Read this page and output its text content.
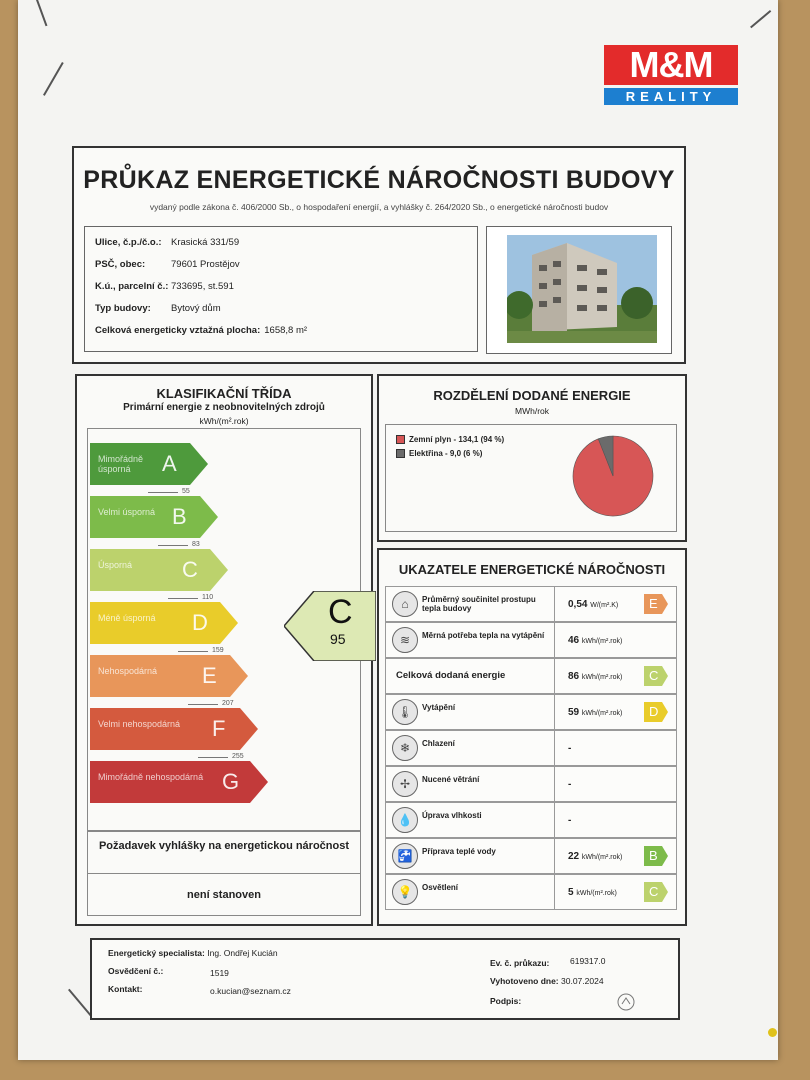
M&M
REALITY
PRŮKAZ ENERGETICKÉ NÁROČNOSTI BUDOVY
vydaný podle zákona č. 406/2000 Sb., o hospodaření energií, a vyhlášky č. 264/2020 Sb., o energetické náročnosti budov
Ulice, č.p./č.o.: Krasická 331/59
PSČ, obec:	79601 Prostějov
K.ú., parcelní č.: 733695, st.591
Typ budovy: Bytový dům
Celková energeticky vztažná plocha: 1658,8 m²
KLASIFIKAČNÍ TŘÍDA
Primární energie z neobnovitelných zdrojů
kWh/(m².rok)
C
95
Mimořádně úsporná	A
55
Velmi úsporná B
83
Úsporná	C
110
Méně úsporná	D
159
Nehospodárná	E
207
Velmi nehospodárná	F
255
Mimořádně nehospodárná G
Požadavek vyhlášky na energetickou náročnost
není stanoven
ROZDĚLENÍ DODANÉ ENERGIE
MWh/rok
Zemní plyn - 134,1 (94 %)
Elektřina - 9,0 (6 %)
UKAZATELE ENERGETICKÉ NÁROČNOSTI
⌂	Průměrný součinitel prostupu tepla budovy	0,54 W/(m².K) E
≋	Měrná potřeba tepla na vytápění	46 kWh/(m².rok)
Celková dodaná energie	86 kWh/(m².rok) C
🌡	Vytápění	59 kWh/(m².rok) D
❄	Chlazení	-
✢	Nucené větrání	-
💧	Úprava vlhkosti	-
🚰	Příprava teplé vody	22 kWh/(m².rok) B
💡	Osvětlení	5 kWh/(m².rok) C
Energetický specialista: Ing. Ondřej Kucián
Osvědčení č.:	1519
Kontakt:	o.kucian@seznam.cz
Ev. č. průkazu: 619317.0
Vyhotoveno dne: 30.07.2024
Podpis:
